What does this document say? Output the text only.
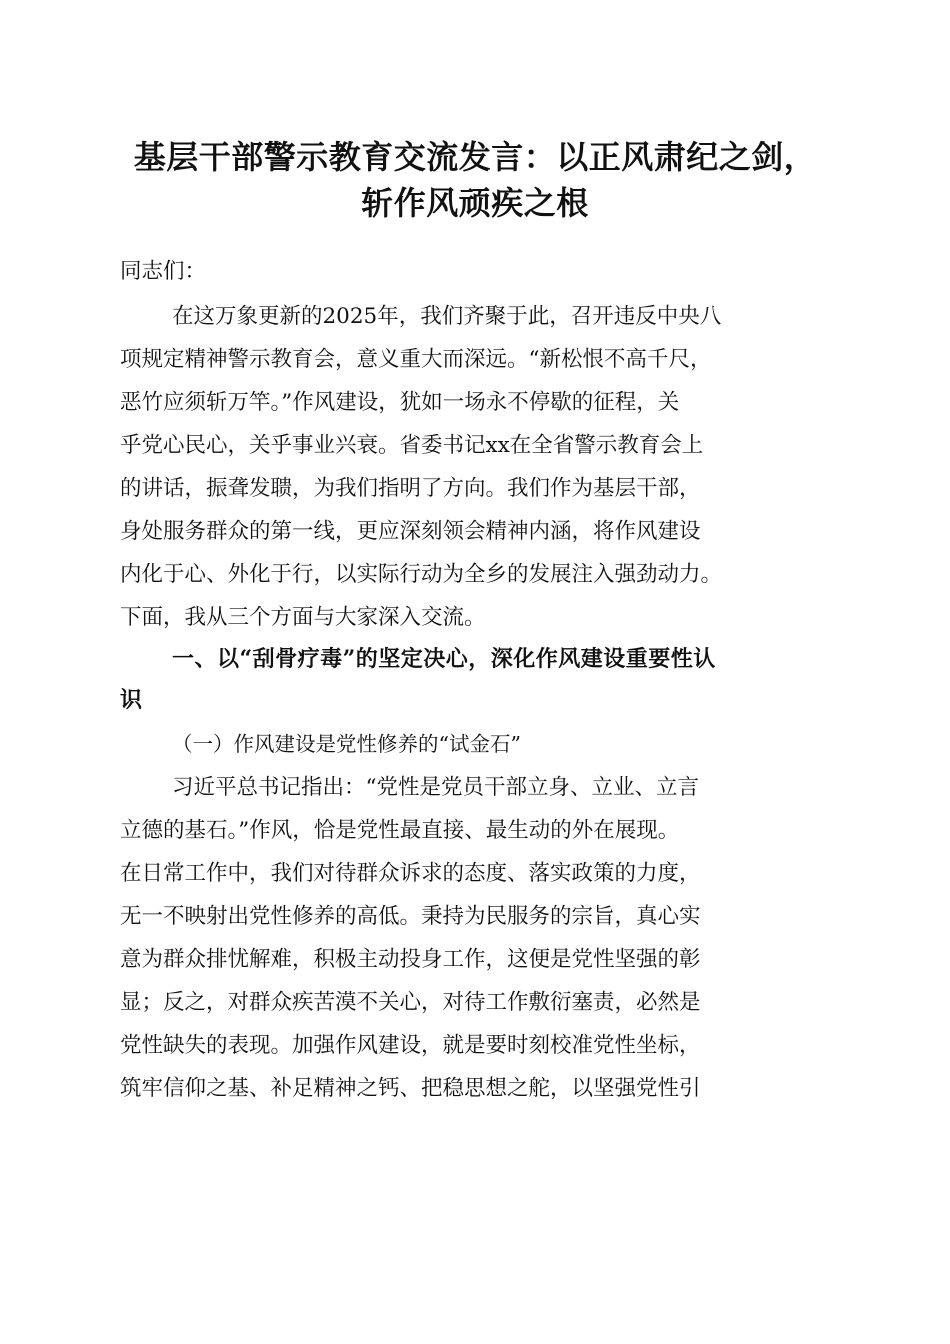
基层干部警示教育交流发言：以正风肃纪之剑，
斩作风顽疾之根

同志们：

在这万象更新的2025年，我们齐聚于此，召开违反中央八
项规定精神警示教育会，意义重大而深远。“新松恨不高千尺，
恶竹应须斩万竿。”作风建设，犹如一场永不停歇的征程，关
乎党心民心，关乎事业兴衰。省委书记xx在全省警示教育会上
的讲话，振聋发聩，为我们指明了方向。我们作为基层干部，
身处服务群众的第一线，更应深刻领会精神内涵，将作风建设
内化于心、外化于行，以实际行动为全乡的发展注入强劲动力。
下面，我从三个方面与大家深入交流。

一、以“刮骨疗毒”的坚定决心，深化作风建设重要性认
识

（一）作风建设是党性修养的“试金石”

习近平总书记指出：“党性是党员干部立身、立业、立言
立德的基石。”作风，恰是党性最直接、最生动的外在展现。
在日常工作中，我们对待群众诉求的态度、落实政策的力度，
无一不映射出党性修养的高低。秉持为民服务的宗旨，真心实
意为群众排忧解难，积极主动投身工作，这便是党性坚强的彰
显；反之，对群众疾苦漠不关心，对待工作敷衍塞责，必然是
党性缺失的表现。加强作风建设，就是要时刻校准党性坐标，
筑牢信仰之基、补足精神之钙、把稳思想之舵，以坚强党性引
